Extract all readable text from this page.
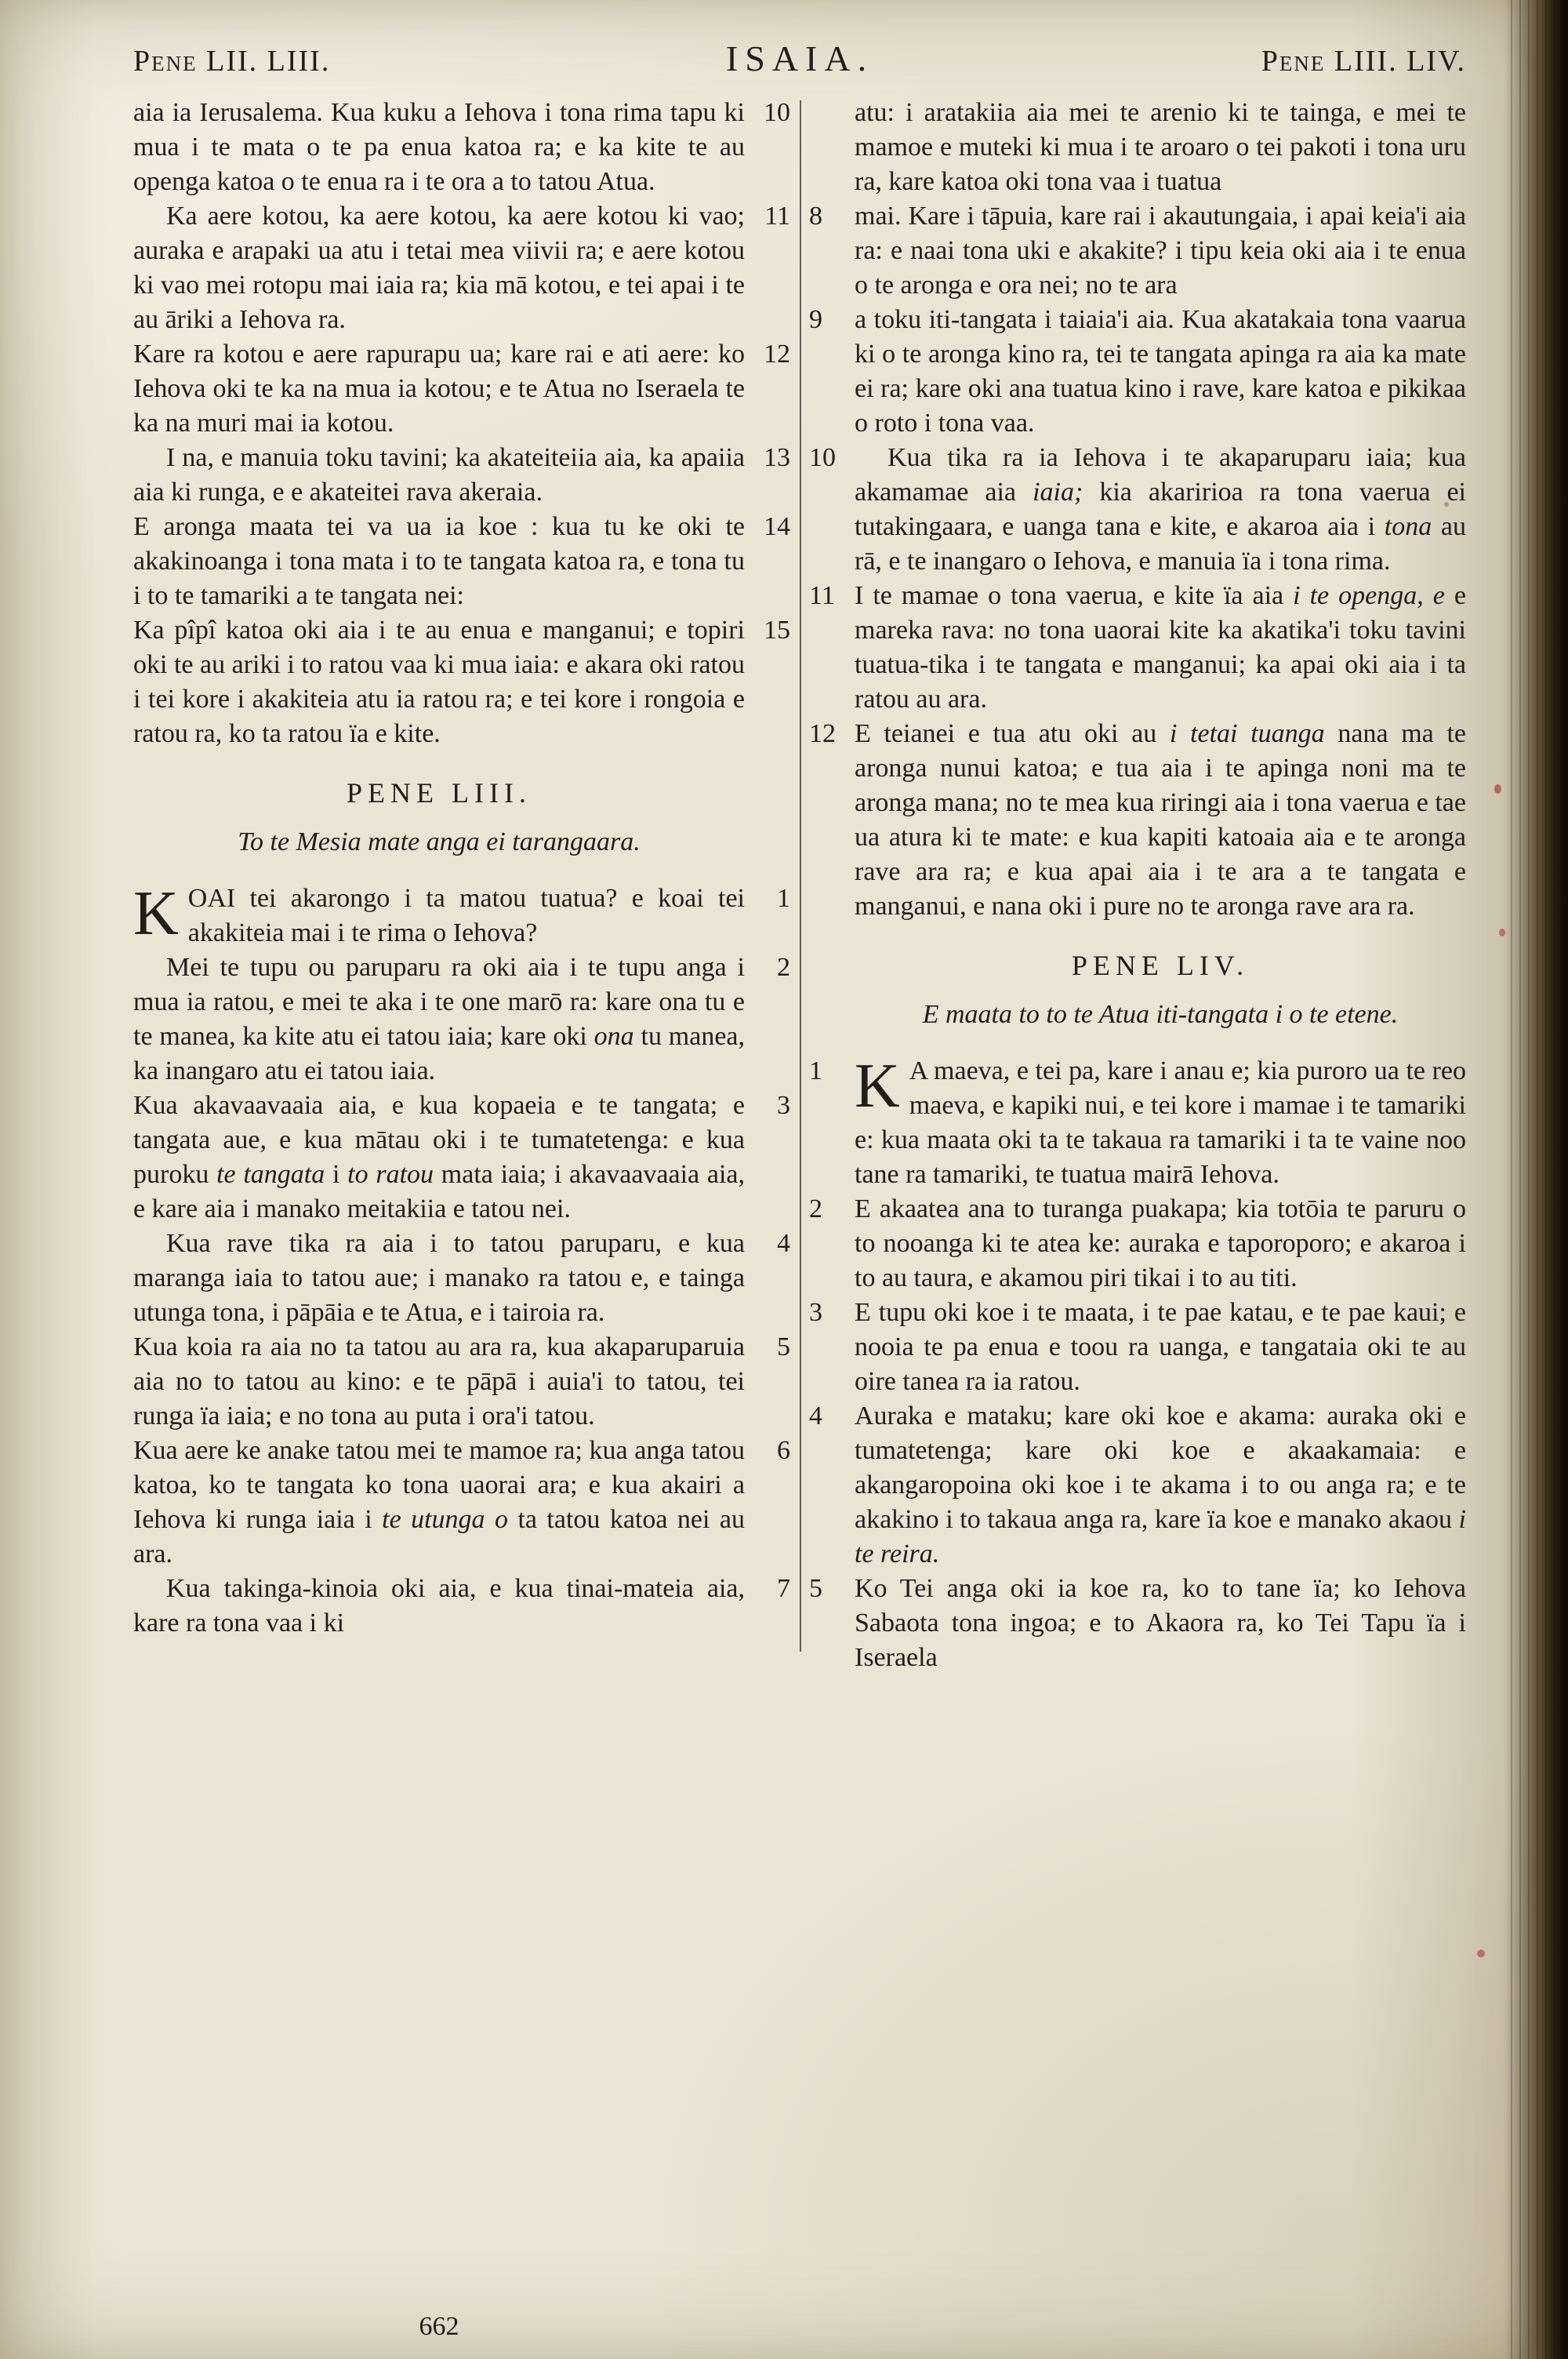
Pene LII. LIII.	ISAIA.	Pene LIII. LIV.

10
aia ia Ierusalema. Kua kuku a Iehova i tona rima tapu ki mua i te mata o te pa enua katoa ra; e ka kite te au openga katoa o te enua ra i te ora a to tatou Atua.

11
Ka aere kotou, ka aere kotou, ka aere kotou ki vao; auraka e arapaki ua atu i tetai mea viivii ra; e aere kotou ki vao mei rotopu mai iaia ra; kia mā kotou, e tei apai i te au āriki a Iehova ra.

12
Kare ra kotou e aere rapurapu ua; kare rai e ati aere: ko Iehova oki te ka na mua ia kotou; e te Atua no Iseraela te ka na muri mai ia kotou.

13
I na, e manuia toku tavini; ka akateiteiia aia, ka apaiia aia ki runga, e e akateitei rava akeraia.

14
E aronga maata tei va ua ia koe : kua tu ke oki te akakinoanga i tona mata i to te tangata katoa ra, e tona tu i to te tamariki a te tangata nei:

15
Ka pîpî katoa oki aia i te au enua e manganui; e topiri oki te au ariki i to ratou vaa ki mua iaia: e akara oki ratou i tei kore i akakiteia atu ia ratou ra; e tei kore i rongoia e ratou ra, ko ta ratou ïa e kite.

PENE LIII.
To te Mesia mate anga ei tarangaara.

1
K OAI tei akarongo i ta matou tuatua? e koai tei akakiteia mai i te rima o Iehova?

2
Mei te tupu ou paruparu ra oki aia i te tupu anga i mua ia ratou, e mei te aka i te one marō ra: kare ona tu e te manea, ka kite atu ei tatou iaia; kare oki ona tu manea, ka inangaro atu ei tatou iaia.

3
Kua akavaavaaia aia, e kua kopaeia e te tangata; e tangata aue, e kua mātau oki i te tumatetenga: e kua puroku te tangata i to ratou mata iaia; i akavaavaaia aia, e kare aia i manako meitakiia e tatou nei.

4
Kua rave tika ra aia i to tatou paruparu, e kua maranga iaia to tatou aue; i manako ra tatou e, e tainga utunga tona, i pāpāia e te Atua, e i tairoia ra.

5
Kua koia ra aia no ta tatou au ara ra, kua akaparuparuia aia no to tatou au kino: e te pāpā i auia'i to tatou, tei runga ïa iaia; e no tona au puta i ora'i tatou.

6
Kua aere ke anake tatou mei te mamoe ra; kua anga tatou katoa, ko te tangata ko tona uaorai ara; e kua akairi a Iehova ki runga iaia i te utunga o ta tatou katoa nei au ara.

7
Kua takinga-kinoia oki aia, e kua tinai-mateia aia, kare ra tona vaa i ki

atu: i aratakiia aia mei te arenio ki te tainga, e mei te mamoe e muteki ki mua i te aroaro o tei pakoti i tona uru ra, kare katoa oki tona vaa i tuatua

8 mai. Kare i tāpuia, kare rai i akautungaia, i apai keia'i aia ra: e naai tona uki e akakite? i tipu keia oki aia i te enua o te aronga e ora nei; no te ara

9 a toku iti-tangata i taiaia'i aia. Kua akatakaia tona vaarua ki o te aronga kino ra, tei te tangata apinga ra aia ka mate ei ra; kare oki ana tuatua kino i rave, kare katoa e pikikaa o roto i tona vaa.

10 Kua tika ra ia Iehova i te akaparuparu iaia; kua akamamae aia iaia; kia akaririoa ra tona vaerua ei tutakingaara, e uanga tana e kite, e akaroa aia i tona au rā, e te inangaro o Iehova, e manuia ïa i tona rima.

11 I te mamae o tona vaerua, e kite ïa aia i te openga, e e mareka rava: no tona uaorai kite ka akatika'i toku tavini tuatua-tika i te tangata e manganui; ka apai oki aia i ta ratou au ara.

12 E teianei e tua atu oki au i tetai tuanga nana ma te aronga nunui katoa; e tua aia i te apinga noni ma te aronga mana; no te mea kua riringi aia i tona vaerua e tae ua atura ki te mate: e kua kapiti katoaia aia e te aronga rave ara ra; e kua apai aia i te ara a te tangata e manganui, e nana oki i pure no te aronga rave ara ra.

PENE LIV.
E maata to to te Atua iti-tangata i o te etene.

1 K A maeva, e tei pa, kare i anau e; kia puroro ua te reo maeva, e kapiki nui, e tei kore i mamae i te tamariki e: kua maata oki ta te takaua ra tamariki i ta te vaine noo tane ra tamariki, te tuatua mairā Iehova.

2 E akaatea ana to turanga puakapa; kia totōia te paruru o to nooanga ki te atea ke: auraka e taporoporo; e akaroa i to au taura, e akamou piri tikai i to au titi.

3 E tupu oki koe i te maata, i te pae katau, e te pae kaui; e nooia te pa enua e toou ra uanga, e tangataia oki te au oire tanea ra ia ratou.

4 Auraka e mataku; kare oki koe e akama: auraka oki e tumatetenga; kare oki koe e akaakamaia: e akangaropoina oki koe i te akama i to ou anga ra; e te akakino i to takaua anga ra, kare ïa koe e manako akaou i te reira.

5 Ko Tei anga oki ia koe ra, ko to tane ïa; ko Iehova Sabaota tona ingoa; e to Akaora ra, ko Tei Tapu ïa i Iseraela

662
